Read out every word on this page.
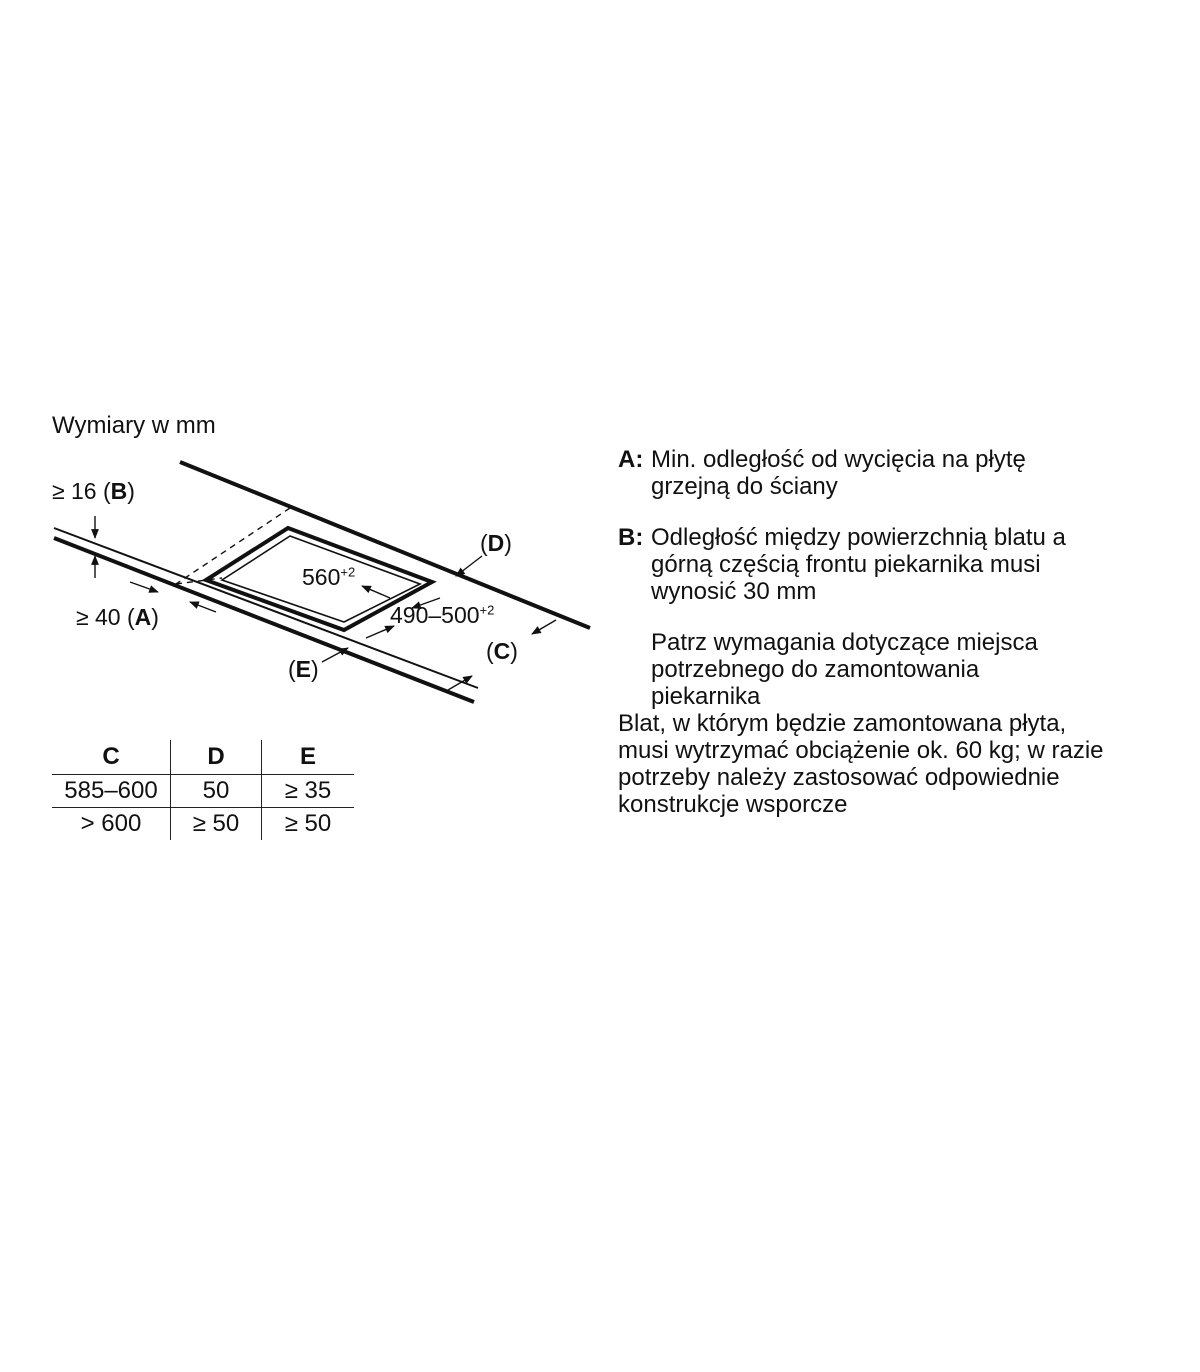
Wymiary w mm
≥ 16 (B)
≥ 40 (A)
(D)
(C)
(E)
$560^{+2}$
$490-500^{+2}$
C	D	E
585–600	50	≥ 35
> 600	≥ 50	≥ 50
A: Min. odległość od wycięcia na płytę
grzejną do ściany
B: Odległość między powierzchnią blatu a
górną częścią frontu piekarnika musi
wynosić 30 mm
Patrz wymagania dotyczące miejsca
potrzebnego do zamontowania
piekarnika
Blat, w którym będzie zamontowana płyta,
musi wytrzymać obciążenie ok. 60 kg; w razie
potrzeby należy zastosować odpowiednie
konstrukcje wsporcze
